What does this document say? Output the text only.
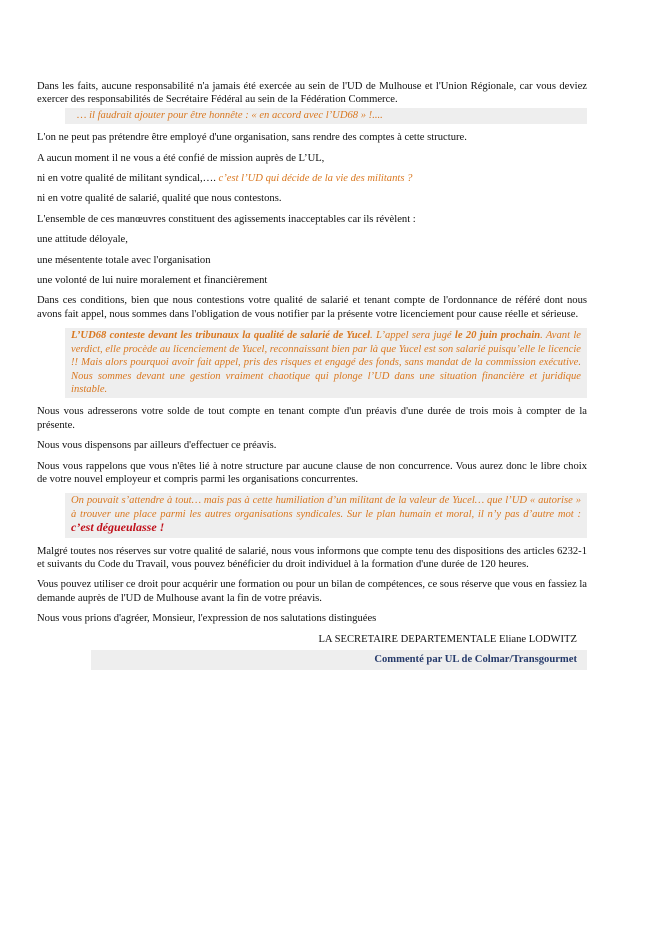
Dans les faits, aucune responsabilité n'a jamais été exercée au sein de l'UD de Mulhouse et l'Union Régionale, car vous deviez exercer des responsabilités de Secrétaire Fédéral au sein de la Fédération Commerce.

… il faudrait ajouter pour être honnête : « en accord avec l’UD68 » !....

L'on ne peut pas prétendre être employé d'une organisation, sans rendre des comptes à cette structure.

A aucun moment il ne vous a été confié de mission auprès de L’UL,

ni en votre qualité de militant syndical,…. c’est l’UD qui décide de la vie des militants ?

ni en votre qualité de salarié, qualité que nous contestons.

L'ensemble de ces manœuvres constituent des agissements inacceptables car ils révèlent :

une attitude déloyale,

une mésentente totale avec l'organisation

une volonté de lui nuire moralement et financièrement

Dans ces conditions, bien que nous contestions votre qualité de salarié et tenant compte de l'ordonnance de référé dont nous avons fait appel, nous sommes dans l'obligation de vous notifier par la présente votre licenciement pour cause réelle et sérieuse.

L’UD68 conteste devant les tribunaux la qualité de salarié de Yucel. L’appel sera jugé le 20 juin prochain. Avant le verdict, elle procède au licenciement de Yucel, reconnaissant bien par là que Yucel est son salarié puisqu’elle le licencie !! Mais alors pourquoi avoir fait appel, pris des risques et engagé des fonds, sans mandat de la commission exécutive. Nous sommes devant une gestion vraiment chaotique qui plonge l’UD dans une situation financière et juridique instable.

Nous vous adresserons votre solde de tout compte en tenant compte d'un préavis d'une durée de trois mois à compter de la présente.

Nous vous dispensons par ailleurs d'effectuer ce préavis.

Nous vous rappelons que vous n'êtes lié à notre structure par aucune clause de non concurrence. Vous aurez donc le libre choix de votre nouvel employeur et compris parmi les organisations concurrentes.

On pouvait s’attendre à tout… mais pas à cette humiliation d’un militant de la valeur de Yucel… que l’UD « autorise » à trouver une place parmi les autres organisations syndicales. Sur le plan humain et moral, il n’y pas d’autre mot : c’est dégueulasse !

Malgré toutes nos réserves sur votre qualité de salarié, nous vous informons que compte tenu des dispositions des articles 6232-1 et suivants du Code du Travail, vous pouvez bénéficier du droit individuel à la formation d'une durée de 120 heures.

Vous pouvez utiliser ce droit pour acquérir une formation ou pour un bilan de compétences, ce sous réserve que vous en fassiez la demande auprès de l'UD de Mulhouse avant la fin de votre préavis.

Nous vous prions d'agréer, Monsieur, l'expression de nos salutations distinguées

LA SECRETAIRE DEPARTEMENTALE Eliane LODWITZ
Commenté par UL de Colmar/Transgourmet
